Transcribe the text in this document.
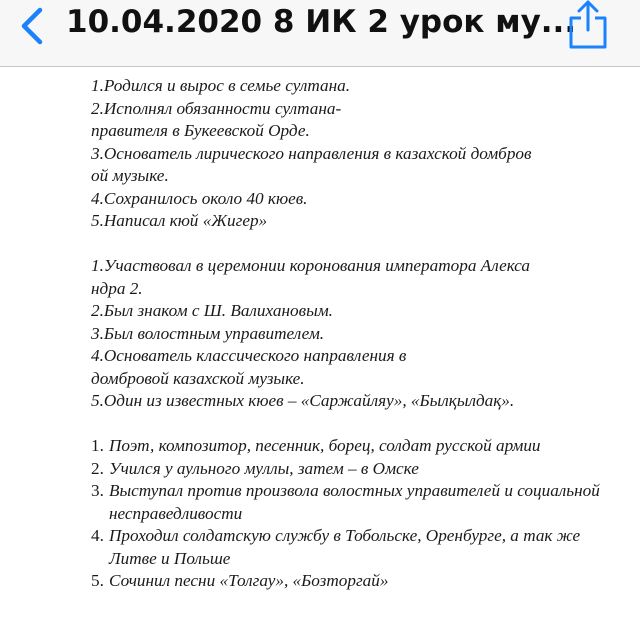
10.04.2020 8 ИК 2 урок му...

1.Родился и вырос в семье султана.

2.Исполнял обязанности султана-

правителя в Букеевской Орде.

3.Основатель лирического направления в казахской домбров

ой музыке.

4.Сохранилось около 40 кюев.

5.Написал кюй «Жигер»

1.Участвовал в церемонии коронования императора Алекса

ндра 2.

2.Был знаком с Ш. Валихановым.

3.Был волостным управителем.

4.Основатель классического направления в

домбровой казахской музыке.

5.Один из известных кюев – «Саржайляу», «Былқылдақ».

1. Поэт, композитор, песенник, борец, солдат русской армии
2. Учился у аульного муллы, затем – в Омске
3. Выступал против произвола волостных управителей и социальной несправедливости
4. Проходил солдатскую службу в Тобольске, Оренбурге, а так же Литве и Польше
5. Сочинил песни «Толгау», «Бозторгай»
